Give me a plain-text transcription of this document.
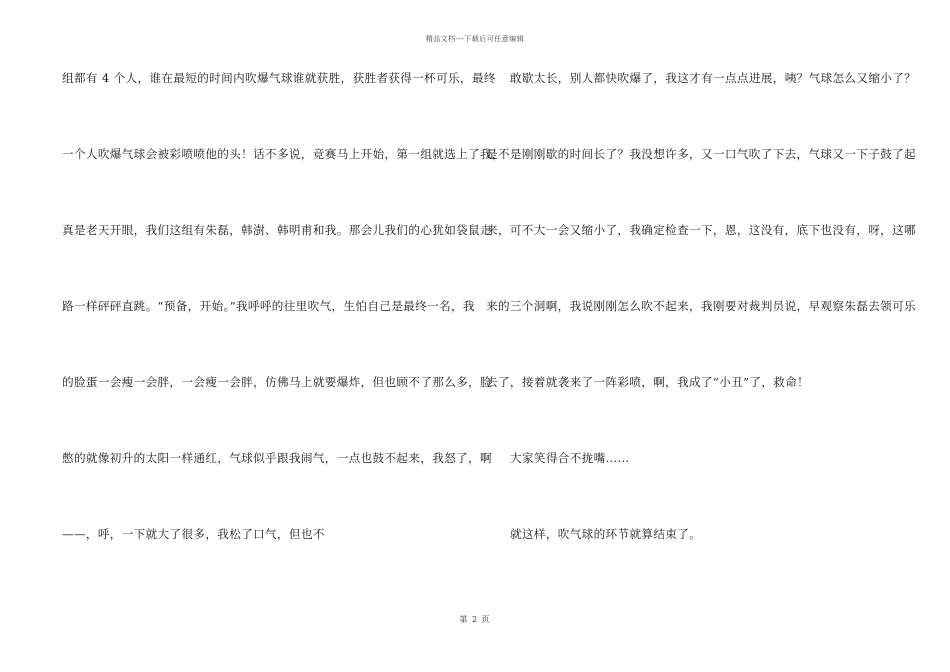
精品文档---下载后可任意编辑
组都有 4 个人，谁在最短的时间内吹爆气球谁就获胜，获胜者获得一杯可乐，最终
一个人吹爆气球会被彩喷喷他的头！话不多说，竞赛马上开始，第一组就选上了我，
真是老天开眼，我们这组有朱磊，韩澍、韩明甫和我。那会儿我们的心犹如袋鼠走
路一样砰砰直跳。“预备，开始。”我呼呼的往里吹气，生怕自己是最终一名，我
的脸蛋一会瘦一会胖，一会瘦一会胖，仿佛马上就要爆炸，但也顾不了那么多，脸
憋的就像初升的太阳一样通红，气球似乎跟我闹气，一点也鼓不起来，我怒了，啊
——，呼，一下就大了很多，我松了口气，但也不
敢歇太长，别人都快吹爆了，我这才有一点点进展，咦？气球怎么又缩小了？
是不是刚刚歇的时间长了？我没想许多，又一口气吹了下去，气球又一下子鼓了起
来，可不大一会又缩小了，我确定检查一下，恩，这没有，底下也没有，呀，这哪
来的三个洞啊，我说刚刚怎么吹不起来，我刚要对裁判员说，早观察朱磊去领可乐
去了，接着就袭来了一阵彩喷，啊，我成了“小丑”了，救命！
大家笑得合不拢嘴……
就这样，吹气球的环节就算结束了。
第 2 页
